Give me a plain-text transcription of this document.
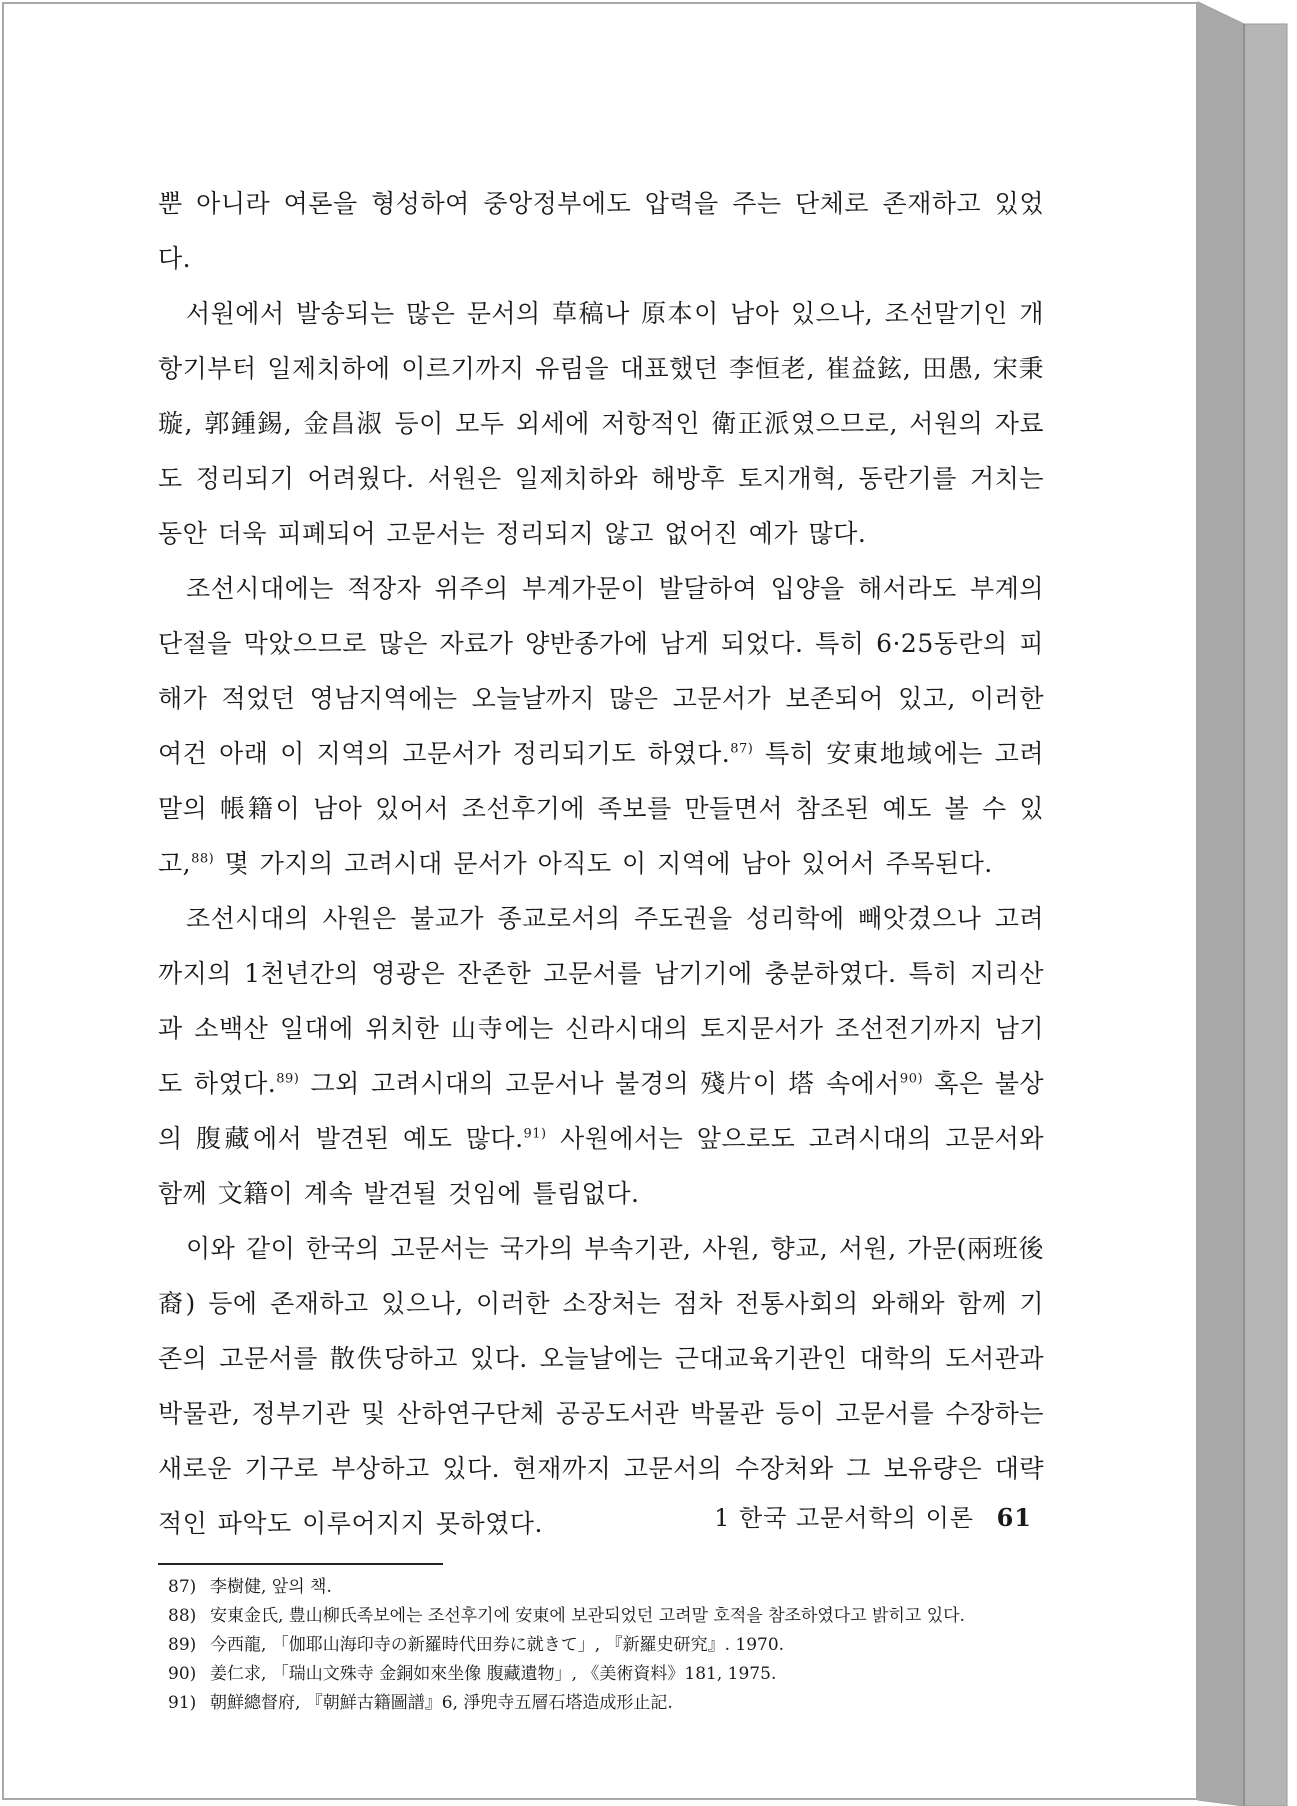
뿐 아니라 여론을 형성하여 중앙정부에도 압력을 주는 단체로 존재하고 있었다.

서원에서 발송되는 많은 문서의 草稿나 原本이 남아 있으나, 조선말기인 개항기부터 일제치하에 이르기까지 유림을 대표했던 李恒老, 崔益鉉, 田愚, 宋秉璇, 郭鍾錫, 金昌淑 등이 모두 외세에 저항적인 衛正派였으므로, 서원의 자료도 정리되기 어려웠다. 서원은 일제치하와 해방후 토지개혁, 동란기를 거치는 동안 더욱 피폐되어 고문서는 정리되지 않고 없어진 예가 많다.

조선시대에는 적장자 위주의 부계가문이 발달하여 입양을 해서라도 부계의 단절을 막았으므로 많은 자료가 양반종가에 남게 되었다. 특히 6·25동란의 피해가 적었던 영남지역에는 오늘날까지 많은 고문서가 보존되어 있고, 이러한 여건 아래 이 지역의 고문서가 정리되기도 하였다.$^{87)}$ 특히 安東地域에는 고려말의 帳籍이 남아 있어서 조선후기에 족보를 만들면서 참조된 예도 볼 수 있고,$^{88)}$ 몇 가지의 고려시대 문서가 아직도 이 지역에 남아 있어서 주목된다.

조선시대의 사원은 불교가 종교로서의 주도권을 성리학에 빼앗겼으나 고려까지의 1천년간의 영광은 잔존한 고문서를 남기기에 충분하였다. 특히 지리산과 소백산 일대에 위치한 山寺에는 신라시대의 토지문서가 조선전기까지 남기도 하였다.$^{89)}$ 그외 고려시대의 고문서나 불경의 殘片이 塔 속에서$^{90)}$ 혹은 불상의 腹藏에서 발견된 예도 많다.$^{91)}$ 사원에서는 앞으로도 고려시대의 고문서와 함께 文籍이 계속 발견될 것임에 틀림없다.

이와 같이 한국의 고문서는 국가의 부속기관, 사원, 향교, 서원, 가문(兩班後裔) 등에 존재하고 있으나, 이러한 소장처는 점차 전통사회의 와해와 함께 기존의 고문서를 散佚당하고 있다. 오늘날에는 근대교육기관인 대학의 도서관과 박물관, 정부기관 및 산하연구단체 공공도서관 박물관 등이 고문서를 수장하는 새로운 기구로 부상하고 있다. 현재까지 고문서의 수장처와 그 보유량은 대략적인 파악도 이루어지지 못하였다.

87) 李樹健, 앞의 책.
88) 安東金氏, 豊山柳氏족보에는 조선후기에 安東에 보관되었던 고려말 호적을 참조하였다고 밝히고 있다.
89) 今西龍, 「伽耶山海印寺の新羅時代田券に就きて」, 『新羅史研究』. 1970.
90) 姜仁求, 「瑞山文殊寺 金銅如來坐像 腹藏遺物」, 《美術資料》181, 1975.
91) 朝鮮總督府, 『朝鮮古籍圖譜』6, 淨兜寺五層石塔造成形止記.
1 한국 고문서학의 이론 61
